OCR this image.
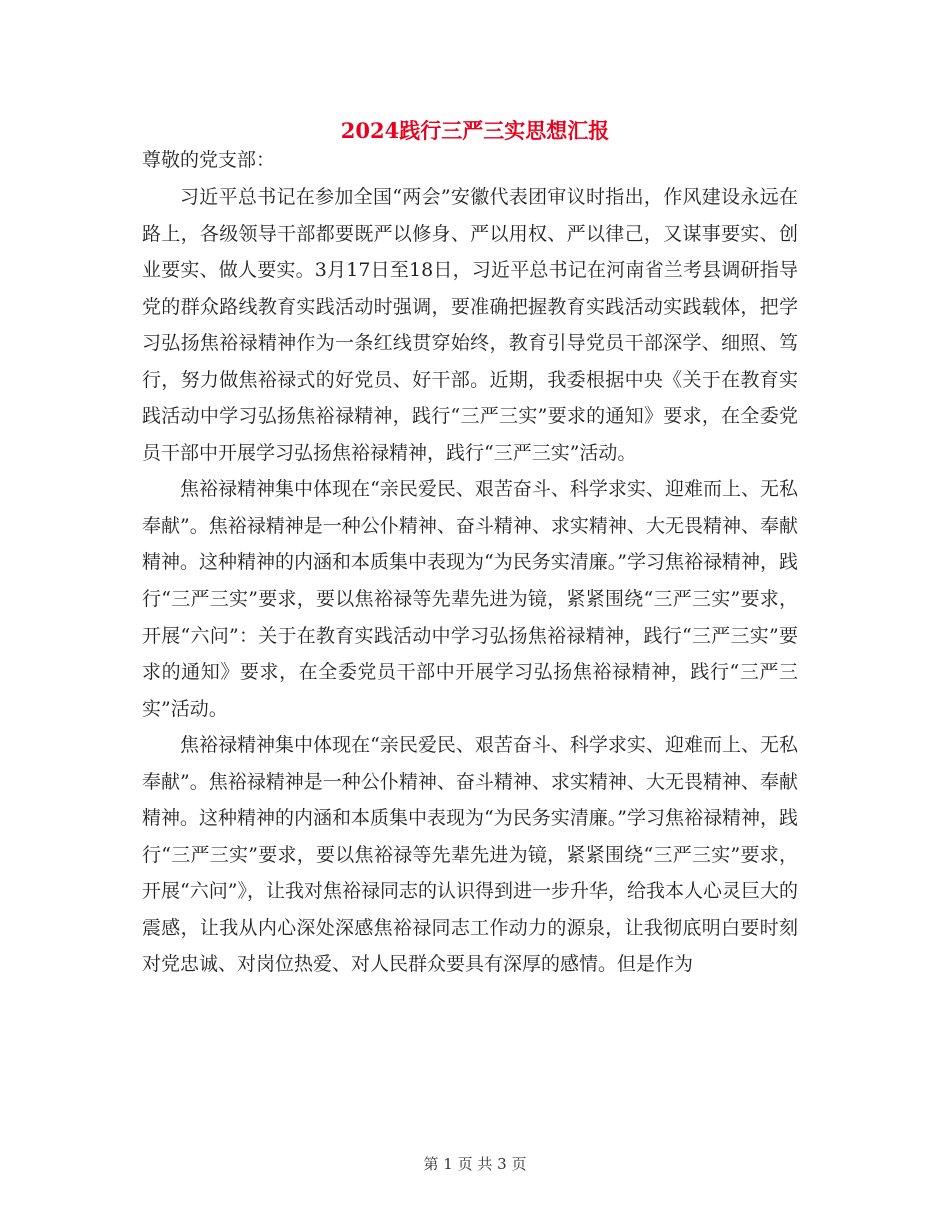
2024践行三严三实思想汇报

尊敬的党支部：

习近平总书记在参加全国“两会”安徽代表团审议时指出，作风建设永远在路上，各级领导干部都要既严以修身、严以用权、严以律己，又谋事要实、创业要实、做人要实。3月17日至18日，习近平总书记在河南省兰考县调研指导党的群众路线教育实践活动时强调，要准确把握教育实践活动实践载体，把学习弘扬焦裕禄精神作为一条红线贯穿始终，教育引导党员干部深学、细照、笃行，努力做焦裕禄式的好党员、好干部。近期，我委根据中央《关于在教育实践活动中学习弘扬焦裕禄精神，践行“三严三实”要求的通知》要求，在全委党员干部中开展学习弘扬焦裕禄精神，践行“三严三实”活动。

焦裕禄精神集中体现在“亲民爱民、艰苦奋斗、科学求实、迎难而上、无私奉献”。焦裕禄精神是一种公仆精神、奋斗精神、求实精神、大无畏精神、奉献精神。这种精神的内涵和本质集中表现为“为民务实清廉。”学习焦裕禄精神，践行“三严三实”要求，要以焦裕禄等先辈先进为镜，紧紧围绕“三严三实”要求，开展“六问”：关于在教育实践活动中学习弘扬焦裕禄精神，践行“三严三实”要求的通知》要求，在全委党员干部中开展学习弘扬焦裕禄精神，践行“三严三实”活动。

焦裕禄精神集中体现在“亲民爱民、艰苦奋斗、科学求实、迎难而上、无私奉献”。焦裕禄精神是一种公仆精神、奋斗精神、求实精神、大无畏精神、奉献精神。这种精神的内涵和本质集中表现为“为民务实清廉。”学习焦裕禄精神，践行“三严三实”要求，要以焦裕禄等先辈先进为镜，紧紧围绕“三严三实”要求，开展“六问”》，让我对焦裕禄同志的认识得到进一步升华，给我本人心灵巨大的震感，让我从内心深处深感焦裕禄同志工作动力的源泉，让我彻底明白要时刻对党忠诚、对岗位热爱、对人民群众要具有深厚的感情。但是作为

第 1 页 共 3 页
